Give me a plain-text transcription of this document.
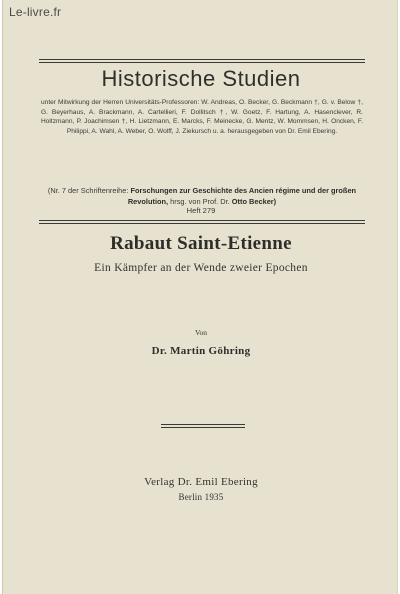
Le-livre.fr
Historische Studien
unter Mitwirkung der Herren Universitäts-Professoren: W. Andreas, O. Becker, G. Beckmann †, G. v. Below †, G. Beyerhaus, A. Brackmann, A. Cartellieri, F. Dollitsch †, W. Goetz, F. Hartung, A. Hasenclever, R. Holtzmann, P. Joachimsen †, H. Lietzmann, E. Marcks, F. Meinecke, G. Mentz, W. Mommsen, H. Oncken, F. Philippi, A. Wahl, A. Weber, O. Wolff, J. Ziekursch u. a. herausgegeben von Dr. Emil Ebering.
(Nr. 7 der Schriftenreihe: Forschungen zur Geschichte des Ancien régime und der großen Revolution, hrsg. von Prof. Dr. Otto Becker)
Heft 279
Rabaut Saint-Etienne
Ein Kämpfer an der Wende zweier Epochen
Von
Dr. Martin Göhring
Verlag Dr. Emil Ebering
Berlin 1935
